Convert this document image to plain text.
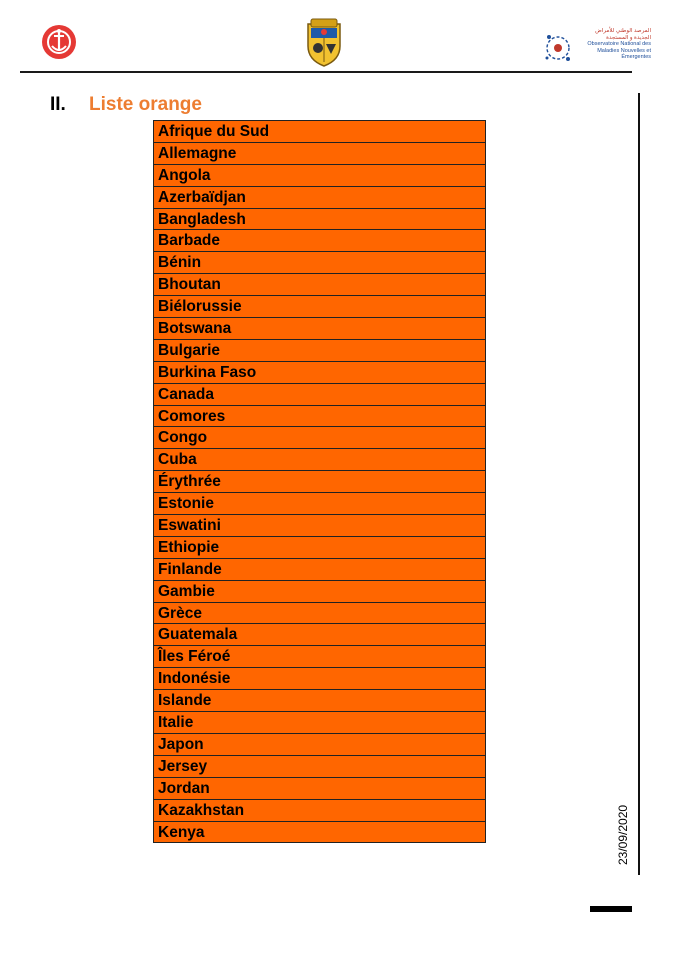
المرصد الوطني للأمراض
الجديدة و المستجدة
Observatoire National des
Maladies Nouvelles et Émergentes
II. Liste orange
Afrique du Sud
Allemagne
Angola
Azerbaïdjan
Bangladesh
Barbade
Bénin
Bhoutan
Biélorussie
Botswana
Bulgarie
Burkina Faso
Canada
Comores
Congo
Cuba
Érythrée
Estonie
Eswatini
Ethiopie
Finlande
Gambie
Grèce
Guatemala
Îles Féroé
Indonésie
Islande
Italie
Japon
Jersey
Jordan
Kazakhstan
Kenya	23/09/2020
